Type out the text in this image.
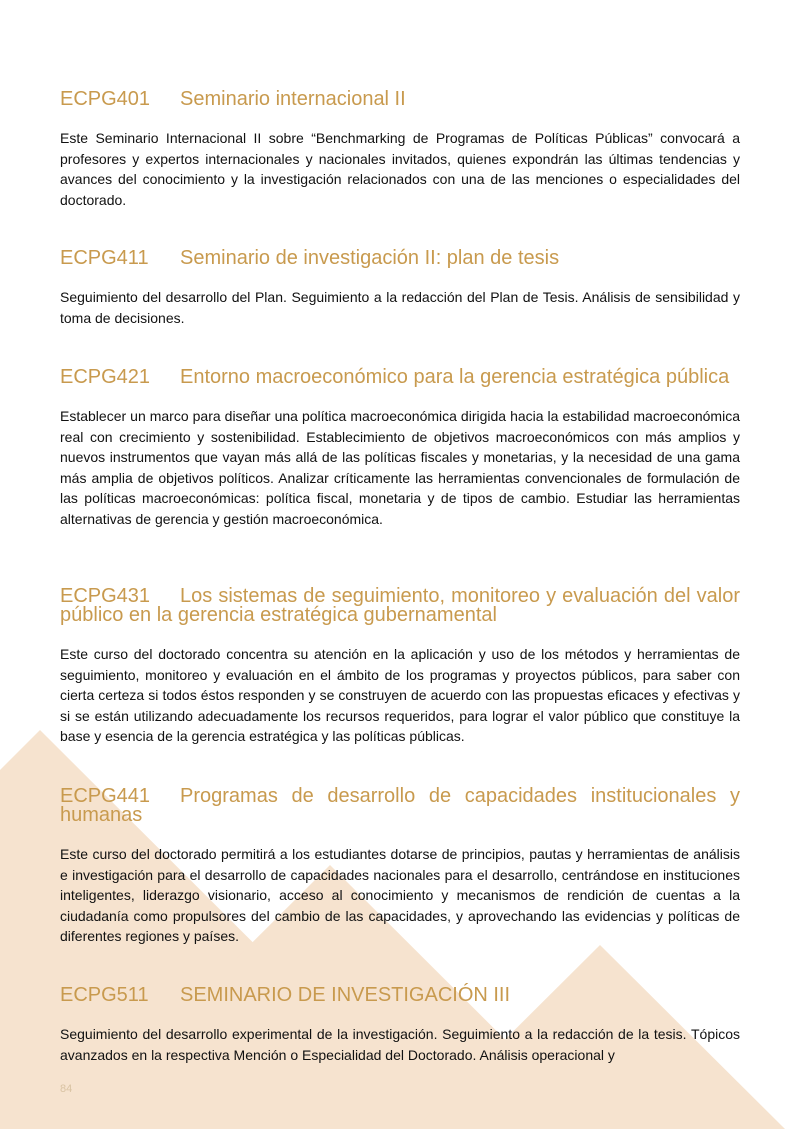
ECPG401	Seminario internacional II

Este Seminario Internacional II sobre “Benchmarking de Programas de Políticas Públicas” convocará a profesores y expertos internacionales y nacionales invitados, quienes expondrán las últimas tendencias y avances del conocimiento y la investigación relacionados con una de las menciones o especialidades del doctorado.

ECPG411	Seminario de investigación II: plan de tesis

Seguimiento del desarrollo del Plan. Seguimiento a la redacción del Plan de Tesis. Análisis de sensibilidad y toma de decisiones.

ECPG421 Entorno macroeconómico para la gerencia estratégica pública

Establecer un marco para diseñar una política macroeconómica dirigida hacia la estabilidad macroeconómica real con crecimiento y sostenibilidad. Establecimiento de objetivos macroeconómicos con más amplios y nuevos instrumentos que vayan más allá de las políticas fiscales y monetarias, y la necesidad de una gama más amplia de objetivos políticos. Analizar críticamente las herramientas convencionales de formulación de las políticas macroeconómicas: política fiscal, monetaria y de tipos de cambio. Estudiar las herramientas alternativas de gerencia y gestión macroeconómica.

ECPG431 Los sistemas de seguimiento, monitoreo y evaluación del valor público en la gerencia estratégica gubernamental

Este curso del doctorado concentra su atención en la aplicación y uso de los métodos y herramientas de seguimiento, monitoreo y evaluación en el ámbito de los programas y proyectos públicos, para saber con cierta certeza si todos éstos responden y se construyen de acuerdo con las propuestas eficaces y efectivas y si se están utilizando adecuadamente los recursos requeridos, para lograr el valor público que constituye la base y esencia de la gerencia estratégica y las políticas públicas.

ECPG441 Programas de desarrollo de capacidades institucionales y humanas

Este curso del doctorado permitirá a los estudiantes dotarse de principios, pautas y herramientas de análisis e investigación para el desarrollo de capacidades nacionales para el desarrollo, centrándose en instituciones inteligentes, liderazgo visionario, acceso al conocimiento y mecanismos de rendición de cuentas a la ciudadanía como propulsores del cambio de las capacidades, y aprovechando las evidencias y políticas de diferentes regiones y países.

ECPG511	SEMINARIO DE INVESTIGACIÓN III

Seguimiento del desarrollo experimental de la investigación. Seguimiento a la redacción de la tesis. Tópicos avanzados en la respectiva Mención o Especialidad del Doctorado. Análisis operacional y

84
